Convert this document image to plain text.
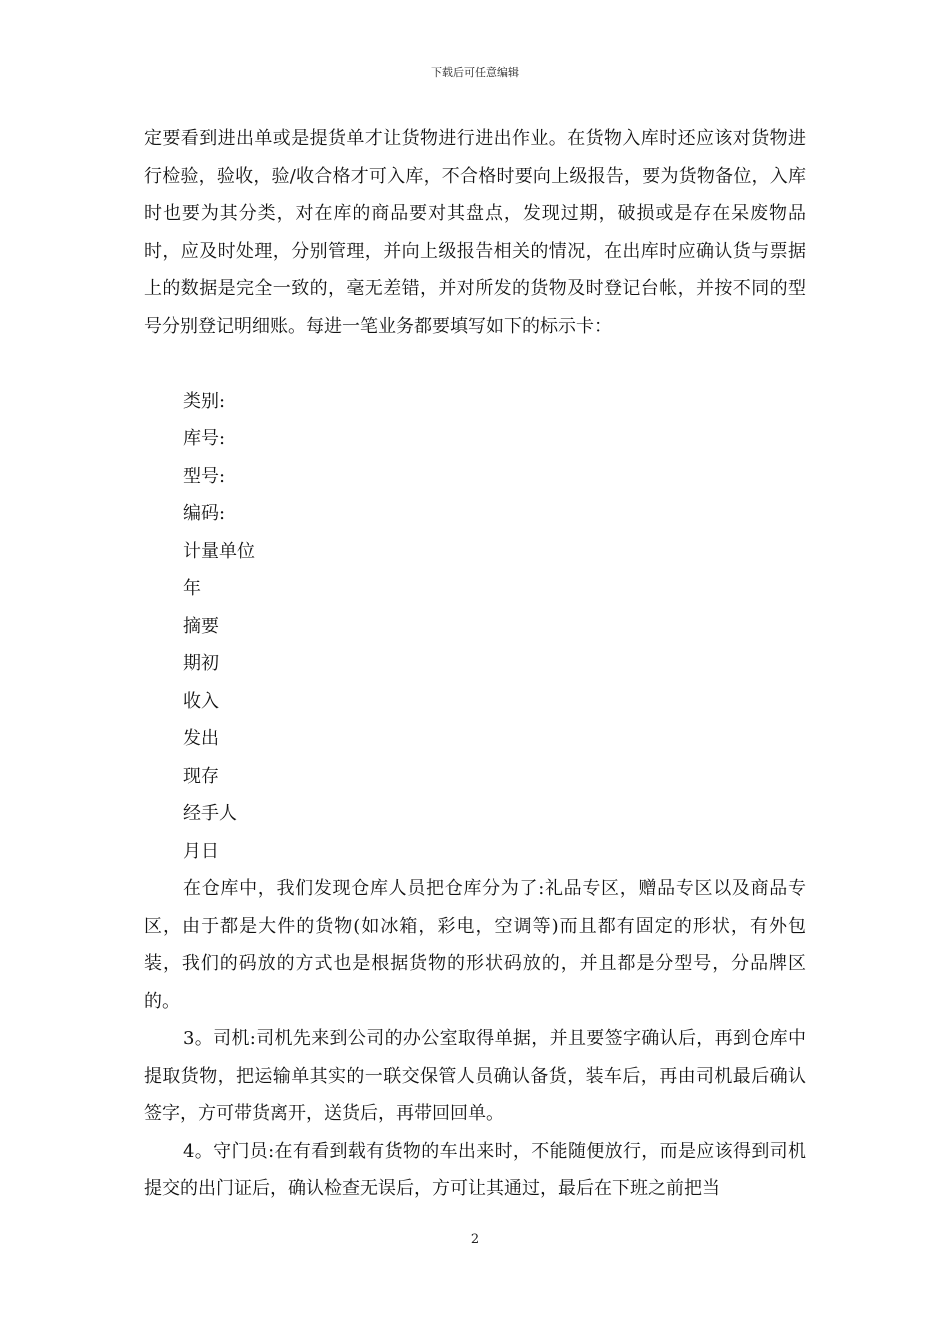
下载后可任意编辑

定要看到进出单或是提货单才让货物进行进出作业。在货物入库时还应该对货物进行检验，验收，验/收合格才可入库，不合格时要向上级报告，要为货物备位，入库时也要为其分类，对在库的商品要对其盘点，发现过期，破损或是存在呆废物品时，应及时处理，分别管理，并向上级报告相关的情况，在出库时应确认货与票据上的数据是完全一致的，毫无差错，并对所发的货物及时登记台帐，并按不同的型号分别登记明细账。每进一笔业务都要填写如下的标示卡：

类别:
库号:
型号:
编码:
计量单位
年
摘要
期初
收入
发出
现存
经手人
月日

在仓库中，我们发现仓库人员把仓库分为了:礼品专区，赠品专区以及商品专区，由于都是大件的货物(如冰箱，彩电，空调等)而且都有固定的形状，有外包装，我们的码放的方式也是根据货物的形状码放的，并且都是分型号，分品牌区的。

3。司机:司机先来到公司的办公室取得单据，并且要签字确认后，再到仓库中提取货物，把运输单其实的一联交保管人员确认备货，装车后，再由司机最后确认签字，方可带货离开，送货后，再带回回单。

4。守门员:在有看到载有货物的车出来时，不能随便放行，而是应该得到司机提交的出门证后，确认检查无误后，方可让其通过，最后在下班之前把当

2
